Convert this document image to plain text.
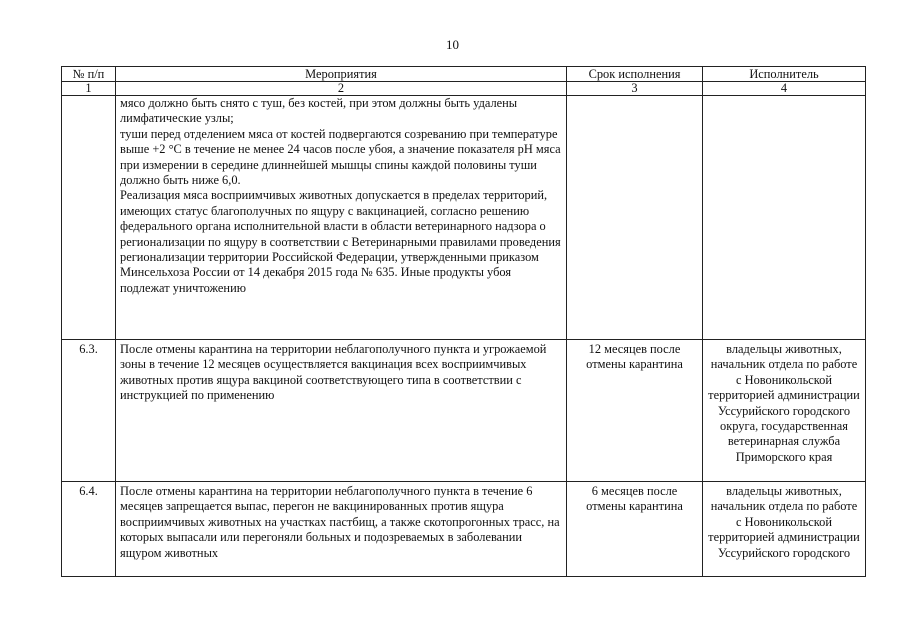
10
№ п/п	Мероприятия	Срок исполнения	Исполнитель
1	2	3	4

	мясо должно быть снято с туш, без костей, при этом должны быть удалены лимфатические узлы;
туши перед отделением мяса от костей подвергаются созреванию при температуре выше +2 °С в течение не менее 24 часов после убоя, а значение показателя pH мяса при измерении в середине длиннейшей мышцы спины каждой половины туши должно быть ниже 6,0.
Реализация мяса восприимчивых животных допускается в пределах территорий, имеющих статус благополучных по ящуру с вакцинацией, согласно решению федерального органа исполнительной власти в области ветеринарного надзора о регионализации по ящуру в соответствии с Ветеринарными правилами проведения регионализации территории Российской Федерации, утвержденными приказом Минсельхоза России от 14 декабря 2015 года № 635. Иные продукты убоя подлежат уничтожению		

6.3.	После отмены карантина на территории неблагополучного пункта и угрожаемой зоны в течение 12 месяцев осуществляется вакцинация всех восприимчивых животных против ящура вакциной соответствующего типа в соответствии с инструкцией по применению	12 месяцев после отмены карантина	владельцы животных, начальник отдела по работе с Новоникольской территорией администрации Уссурийского городского округа, государственная ветеринарная служба Приморского края
6.4.	После отмены карантина на территории неблагополучного пункта в течение 6 месяцев запрещается выпас, перегон не вакцинированных против ящура восприимчивых животных на участках пастбищ, а также скотопрогонных трасс, на которых выпасали или перегоняли больных и подозреваемых в заболевании ящуром животных	6 месяцев после отмены карантина	владельцы животных, начальник отдела по работе с Новоникольской территорией администрации Уссурийского городского
